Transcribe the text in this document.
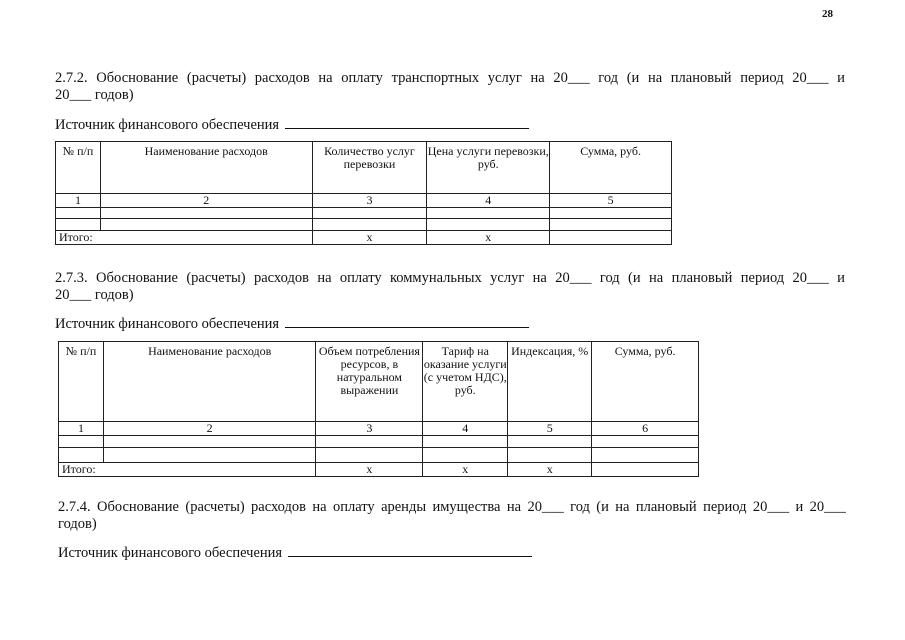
28
2.7.2. Обоснование (расчеты) расходов на оплату транспортных услуг на 20___ год (и на плановый период 20___ и
20___ годов)
Источник финансового обеспечения
№ п/п	Наименование расходов	Количество услуг перевозки	Цена услуги перевозки, руб.	Сумма, руб.
1	2	3	4	5

Итого:		x	x	
2.7.3. Обоснование (расчеты) расходов на оплату коммунальных услуг на 20___ год (и на плановый период 20___ и
20___ годов)
Источник финансового обеспечения
№ п/п	Наименование расходов	Объем потребления ресурсов, в натуральном выражении	Тариф на оказание услуги (с учетом НДС), руб.	Индексация, %	Сумма, руб.
1	2	3	4	5	6

Итого:		x	x	x	
2.7.4. Обоснование (расчеты) расходов на оплату аренды имущества на 20___ год (и на плановый период 20___ и 20___
годов)
Источник финансового обеспечения
